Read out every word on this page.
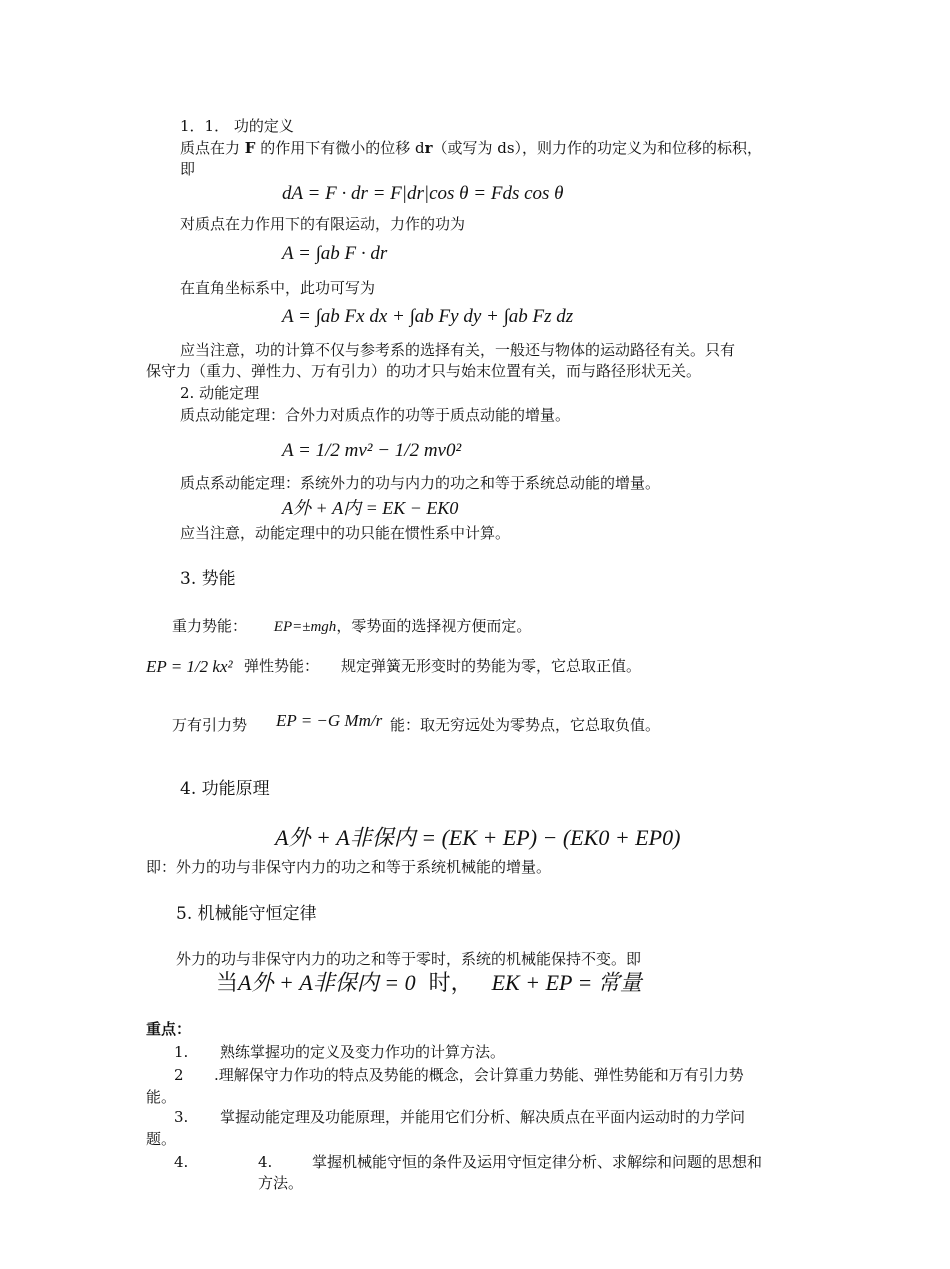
1．1． 功的定义
质点在力 F 的作用下有微小的位移 dr（或写为 ds），则力作的功定义为和位移的标积，
即
dA = F · dr = F|dr|cos θ = Fds cos θ
对质点在力作用下的有限运动，力作的功为
A = ∫ab F · dr
在直角坐标系中，此功可写为
A = ∫ab Fx dx + ∫ab Fy dy + ∫ab Fz dz
应当注意，功的计算不仅与参考系的选择有关，一般还与物体的运动路径有关。只有
保守力（重力、弹性力、万有引力）的功才只与始末位置有关，而与路径形状无关。
2. 动能定理
质点动能定理：合外力对质点作的功等于质点动能的增量。
A = 1/2 mv² − 1/2 mv0²
质点系动能定理：系统外力的功与内力的功之和等于系统总动能的增量。
A外 + A内 = EK − EK0
应当注意，动能定理中的功只能在惯性系中计算。
3. 势能
重力势能： EP=±mgh，零势面的选择视方便而定。
EP = 1/2 kx² 弹性势能： 规定弹簧无形变时的势能为零，它总取正值。
万有引力势 EP = −G Mm/r 能：取无穷远处为零势点，它总取负值。
4. 功能原理
A外 + A非保内 = (EK + EP) − (EK0 + EP0)
即：外力的功与非保守内力的功之和等于系统机械能的增量。
5. 机械能守恒定律
外力的功与非保守内力的功之和等于零时，系统的机械能保持不变。即
当A外 + A非保内 = 0 时， EK + EP = 常量
重点：
1. 熟练掌握功的定义及变力作功的计算方法。
2 .理解保守力作功的特点及势能的概念，会计算重力势能、弹性势能和万有引力势
能。
3. 掌握动能定理及功能原理，并能用它们分析、解决质点在平面内运动时的力学问
题。
4.	4.	掌握机械能守恒的条件及运用守恒定律分析、求解综和问题的思想和
方法。
